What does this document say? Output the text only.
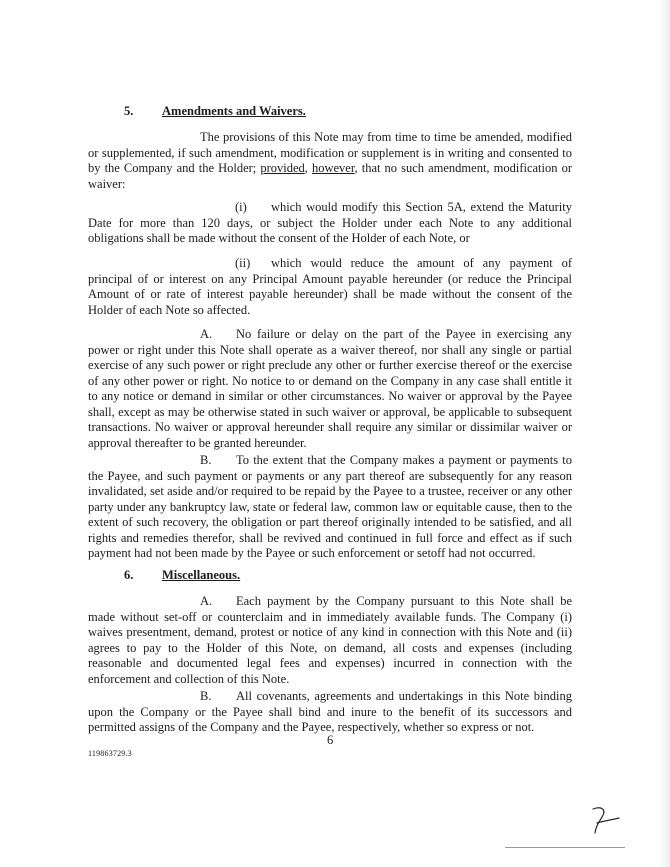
5. Amendments and Waivers.
The provisions of this Note may from time to time be amended, modified or supplemented, if such amendment, modification or supplement is in writing and consented to by the Company and the Holder; provided, however, that no such amendment, modification or waiver:
(i) which would modify this Section 5A, extend the Maturity Date for more than 120 days, or subject the Holder under each Note to any additional obligations shall be made without the consent of the Holder of each Note, or
(ii) which would reduce the amount of any payment of principal of or interest on any Principal Amount payable hereunder (or reduce the Principal Amount of or rate of interest payable hereunder) shall be made without the consent of the Holder of each Note so affected.
A. No failure or delay on the part of the Payee in exercising any power or right under this Note shall operate as a waiver thereof, nor shall any single or partial exercise of any such power or right preclude any other or further exercise thereof or the exercise of any other power or right. No notice to or demand on the Company in any case shall entitle it to any notice or demand in similar or other circumstances. No waiver or approval by the Payee shall, except as may be otherwise stated in such waiver or approval, be applicable to subsequent transactions. No waiver or approval hereunder shall require any similar or dissimilar waiver or approval thereafter to be granted hereunder.
B. To the extent that the Company makes a payment or payments to the Payee, and such payment or payments or any part thereof are subsequently for any reason invalidated, set aside and/or required to be repaid by the Payee to a trustee, receiver or any other party under any bankruptcy law, state or federal law, common law or equitable cause, then to the extent of such recovery, the obligation or part thereof originally intended to be satisfied, and all rights and remedies therefor, shall be revived and continued in full force and effect as if such payment had not been made by the Payee or such enforcement or setoff had not occurred.
6. Miscellaneous.
A. Each payment by the Company pursuant to this Note shall be made without set-off or counterclaim and in immediately available funds. The Company (i) waives presentment, demand, protest or notice of any kind in connection with this Note and (ii) agrees to pay to the Holder of this Note, on demand, all costs and expenses (including reasonable and documented legal fees and expenses) incurred in connection with the enforcement and collection of this Note.
B. All covenants, agreements and undertakings in this Note binding upon the Company or the Payee shall bind and inure to the benefit of its successors and permitted assigns of the Company and the Payee, respectively, whether so express or not.
6
119863729.3
